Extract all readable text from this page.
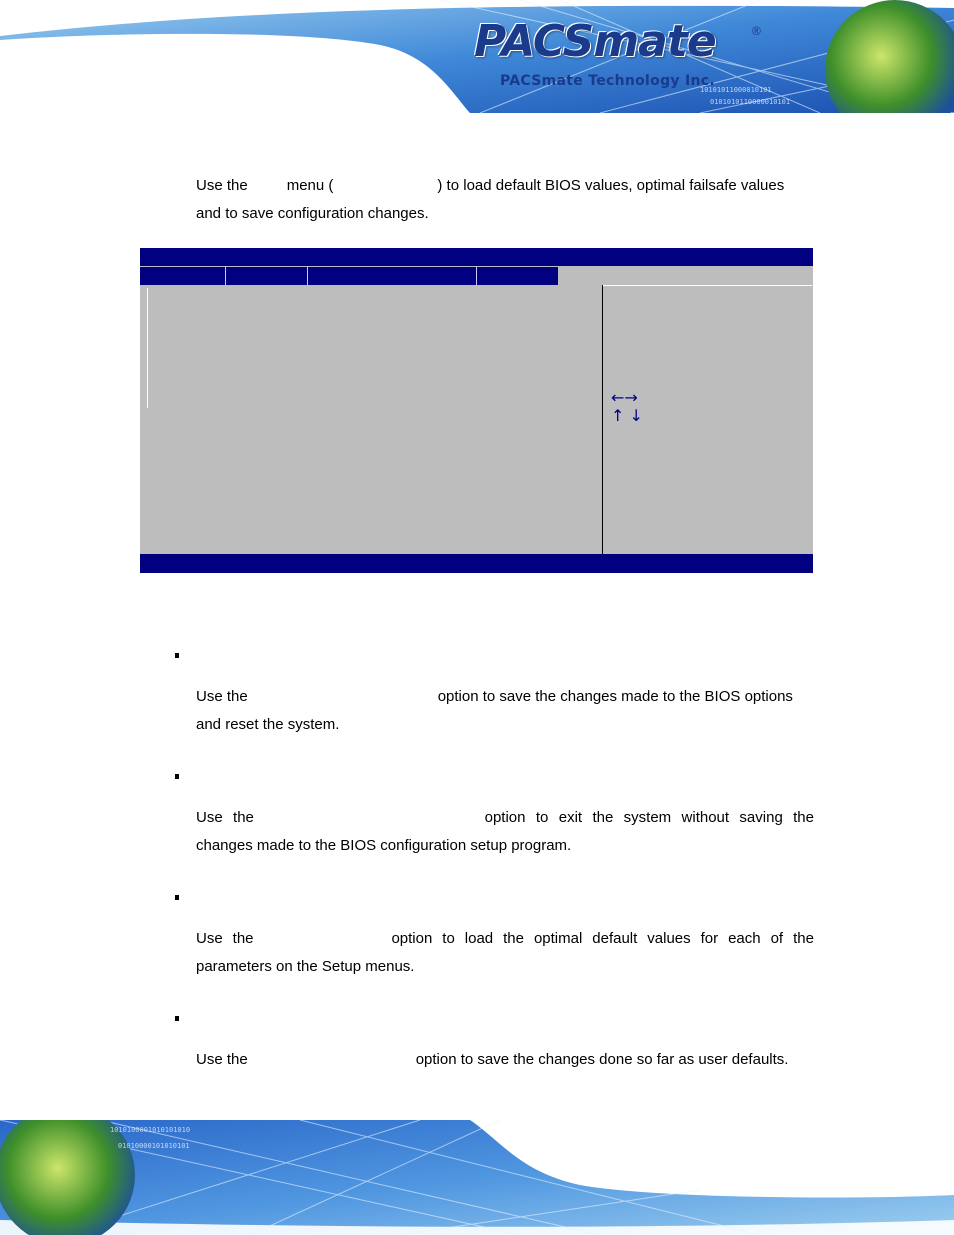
10101011000010101
0101010110000010101
PACSmate	®
PACSmate Technology Inc.
Use the	menu (	) to load default BIOS values, optimal failsafe values
and to save configuration changes.
←→
↑ ↓
Use the	option to save the changes made to the BIOS options
and reset the system.
Use the	option to exit the system without saving the
changes made to the BIOS configuration setup program.
Use the	option to load the optimal default values for each of the
parameters on the Setup menus.
Use the	option to save the changes done so far as user defaults.
1010100001010101010
01010000101010101
